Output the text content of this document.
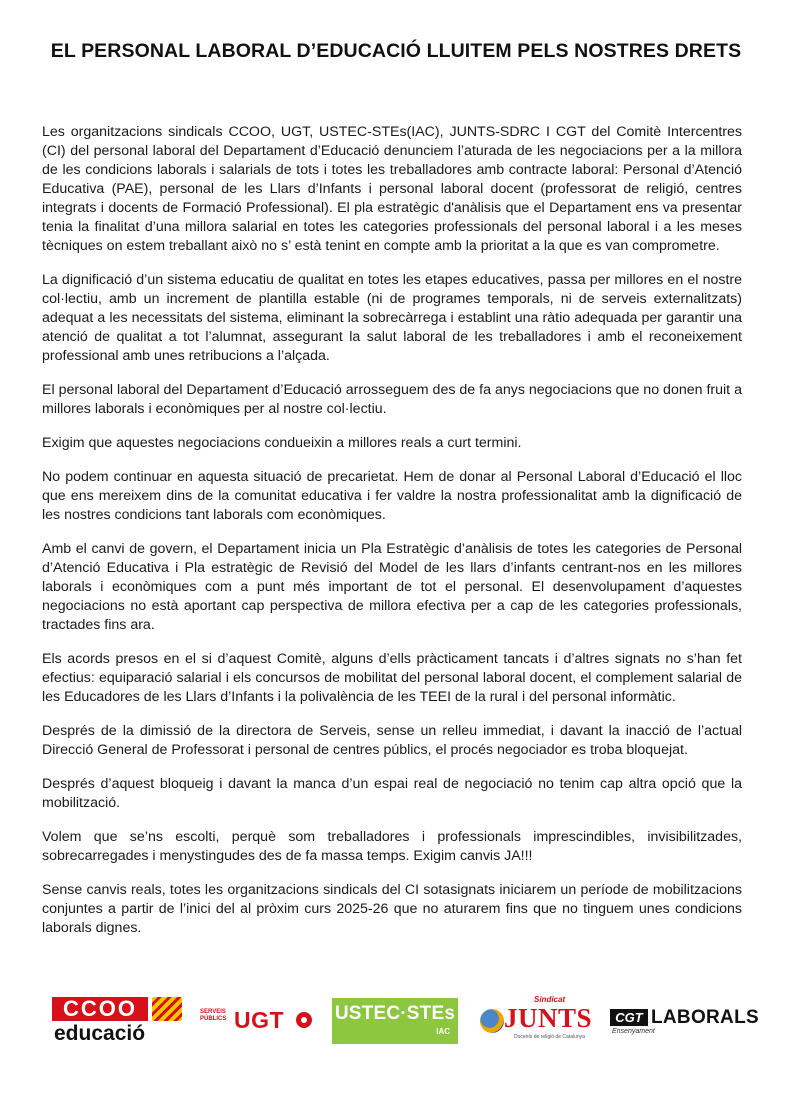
EL PERSONAL LABORAL D’EDUCACIÓ LLUITEM PELS NOSTRES DRETS

Les organitzacions sindicals CCOO, UGT, USTEC-STEs(IAC), JUNTS-SDRC I CGT del Comitè Intercentres (CI) del personal laboral del Departament d’Educació denunciem l’aturada de les negociacions per a la millora de les condicions laborals i salarials de tots i totes les treballadores amb contracte laboral: Personal d’Atenció Educativa (PAE), personal de les Llars d’Infants i personal laboral docent (professorat de religió, centres integrats i docents de Formació Professional). El pla estratègic d'anàlisis que el Departament ens va presentar tenia la finalitat d’una millora salarial en totes les categories professionals del personal laboral i a les meses tècniques on estem treballant això no s’ està tenint en compte amb la prioritat a la que es van comprometre.

La dignificació d’un sistema educatiu de qualitat en totes les etapes educatives, passa per millores en el nostre col·lectiu, amb un increment de plantilla estable (ni de programes temporals, ni de serveis externalitzats) adequat a les necessitats del sistema, eliminant la sobrecàrrega i establint una ràtio adequada per garantir una atenció de qualitat a tot l’alumnat, assegurant la salut laboral de les treballadores i amb el reconeixement professional amb unes retribucions a l’alçada.

El personal laboral del Departament d’Educació arrosseguem des de fa anys negociacions que no donen fruit a millores laborals i econòmiques per al nostre col·lectiu.

Exigim que aquestes negociacions condueixin a millores reals a curt termini.

No podem continuar en aquesta situació de precarietat. Hem de donar al Personal Laboral d’Educació el lloc que ens mereixem dins de la comunitat educativa i fer valdre la nostra professionalitat amb la dignificació de les nostres condicions tant laborals com econòmiques.

Amb el canvi de govern, el Departament inicia un Pla Estratègic d’anàlisis de totes les categories de Personal d’Atenció Educativa i Pla estratègic de Revisió del Model de les llars d’infants centrant-nos en les millores laborals i econòmiques com a punt més important de tot el personal. El desenvolupament d’aquestes negociacions no està aportant cap perspectiva de millora efectiva per a cap de les categories professionals, tractades fins ara.

Els acords presos en el si d’aquest Comitè, alguns d’ells pràcticament tancats i d’altres signats no s’han fet efectius: equiparació salarial i els concursos de mobilitat del personal laboral docent, el complement salarial de les Educadores de les Llars d’Infants i la polivalència de les TEEI de la rural i del personal informàtic.

Després de la dimissió de la directora de Serveis, sense un relleu immediat, i davant la inacció de l’actual Direcció General de Professorat i personal de centres públics, el procés negociador es troba bloquejat.

Després d’aquest bloqueig i davant la manca d’un espai real de negociació no tenim cap altra opció que la mobilització.

Volem que se’ns escolti, perquè som treballadores i professionals imprescindibles, invisibilitzades, sobrecarregades i menystingudes des de fa massa temps. Exigim canvis JA!!!

Sense canvis reals, totes les organitzacions sindicals del CI sotasignats iniciarem un període de mobilitzacions conjuntes a partir de l’inici del al pròxim curs 2025-26 que no aturarem fins que no tinguem unes condicions laborals dignes.

CCOO
educació
SERVEIS PÚBLICS UGT	USTEC·STEs
IAC
Sindicat
JUNTS
Docents de religió de Catalunya
CGT LABORALS
Ensenyament
